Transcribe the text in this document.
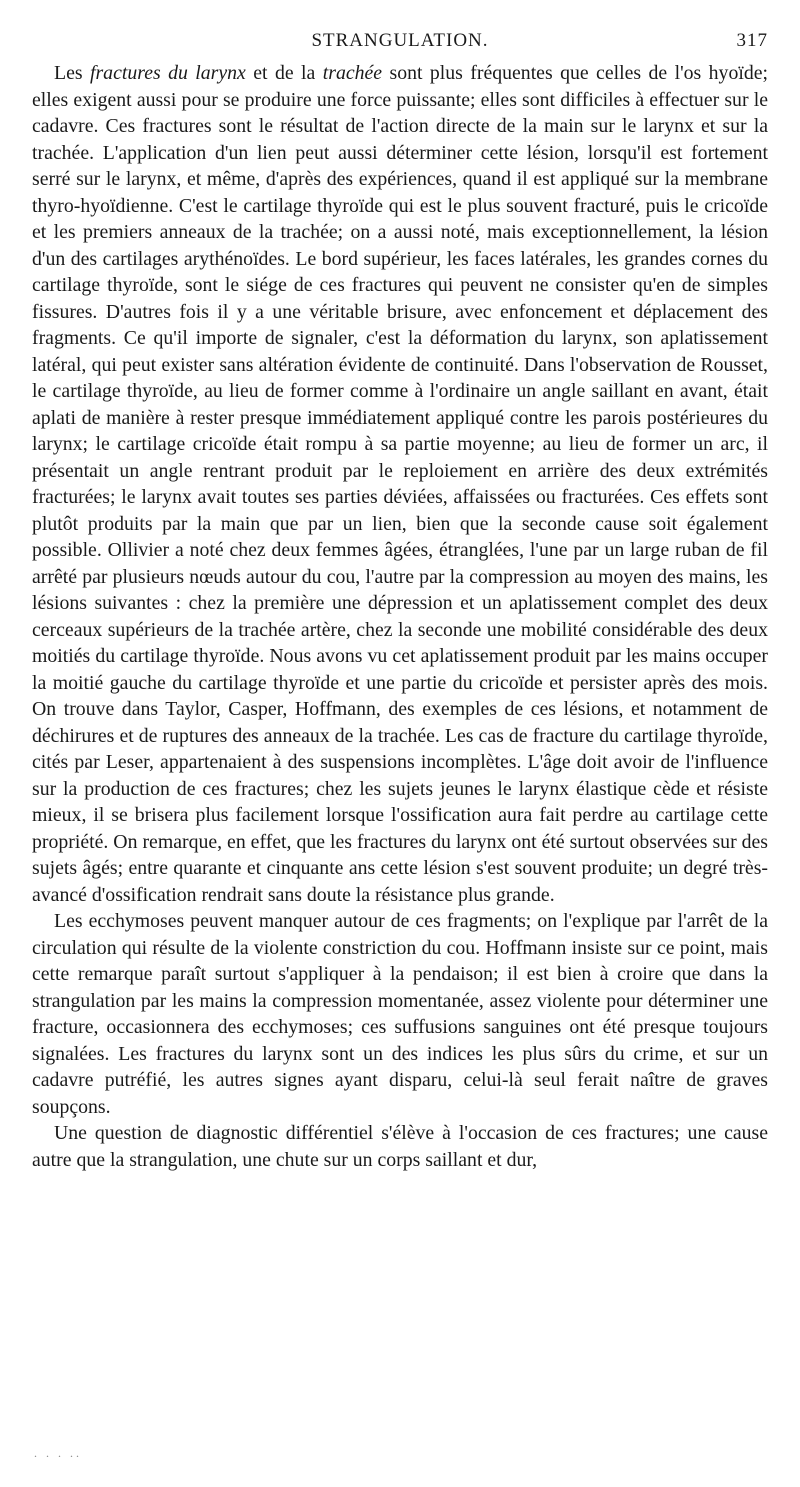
STRANGULATION.	317

Les fractures du larynx et de la trachée sont plus fréquentes que celles de l'os hyoïde; elles exigent aussi pour se produire une force puissante; elles sont difficiles à effectuer sur le cadavre. Ces fractures sont le résultat de l'action directe de la main sur le larynx et sur la trachée. L'application d'un lien peut aussi déterminer cette lésion, lorsqu'il est fortement serré sur le larynx, et même, d'après des expériences, quand il est appliqué sur la membrane thyro-hyoïdienne. C'est le cartilage thyroïde qui est le plus souvent fracturé, puis le cricoïde et les premiers anneaux de la trachée; on a aussi noté, mais exceptionnellement, la lésion d'un des cartilages arythénoïdes. Le bord supérieur, les faces latérales, les grandes cornes du cartilage thyroïde, sont le siége de ces fractures qui peuvent ne consister qu'en de simples fissures. D'autres fois il y a une véritable brisure, avec enfoncement et déplacement des fragments. Ce qu'il importe de signaler, c'est la déformation du larynx, son aplatissement latéral, qui peut exister sans altération évidente de continuité. Dans l'observation de Rousset, le cartilage thyroïde, au lieu de former comme à l'ordinaire un angle saillant en avant, était aplati de manière à rester presque immédiatement appliqué contre les parois postérieures du larynx; le cartilage cricoïde était rompu à sa partie moyenne; au lieu de former un arc, il présentait un angle rentrant produit par le reploiement en arrière des deux extrémités fracturées; le larynx avait toutes ses parties déviées, affaissées ou fracturées. Ces effets sont plutôt produits par la main que par un lien, bien que la seconde cause soit également possible. Ollivier a noté chez deux femmes âgées, étranglées, l'une par un large ruban de fil arrêté par plusieurs nœuds autour du cou, l'autre par la compression au moyen des mains, les lésions suivantes : chez la première une dépression et un aplatissement complet des deux cerceaux supérieurs de la trachée artère, chez la seconde une mobilité considérable des deux moitiés du cartilage thyroïde. Nous avons vu cet aplatissement produit par les mains occuper la moitié gauche du cartilage thyroïde et une partie du cricoïde et persister après des mois. On trouve dans Taylor, Casper, Hoffmann, des exemples de ces lésions, et notamment de déchirures et de ruptures des anneaux de la trachée. Les cas de fracture du cartilage thyroïde, cités par Leser, appartenaient à des suspensions incomplètes. L'âge doit avoir de l'influence sur la production de ces fractures; chez les sujets jeunes le larynx élastique cède et résiste mieux, il se brisera plus facilement lorsque l'ossification aura fait perdre au cartilage cette propriété. On remarque, en effet, que les fractures du larynx ont été surtout observées sur des sujets âgés; entre quarante et cinquante ans cette lésion s'est souvent produite; un degré très-avancé d'ossification rendrait sans doute la résistance plus grande.

Les ecchymoses peuvent manquer autour de ces fragments; on l'explique par l'arrêt de la circulation qui résulte de la violente constriction du cou. Hoffmann insiste sur ce point, mais cette remarque paraît surtout s'appliquer à la pendaison; il est bien à croire que dans la strangulation par les mains la compression momentanée, assez violente pour déterminer une fracture, occasionnera des ecchymoses; ces suffusions sanguines ont été presque toujours signalées. Les fractures du larynx sont un des indices les plus sûrs du crime, et sur un cadavre putréfié, les autres signes ayant disparu, celui-là seul ferait naître de graves soupçons.

Une question de diagnostic différentiel s'élève à l'occasion de ces fractures; une cause autre que la strangulation, une chute sur un corps saillant et dur,

. . . ..
